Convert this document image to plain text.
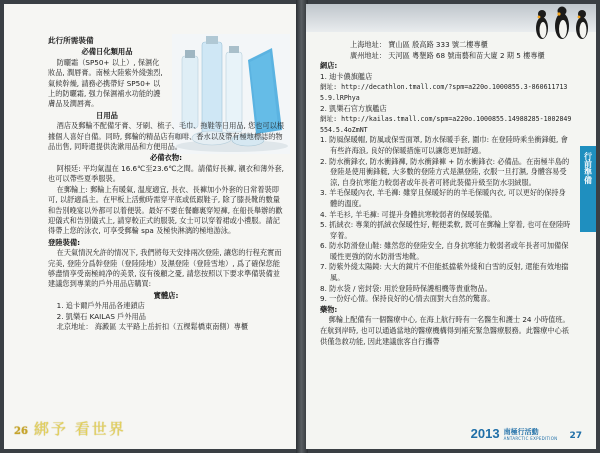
此行所需裝備
必備日化類用品
防曬霜（SP50+ 以上）, 保濕化妝品, 潤唇膏。南極大陸紫外綫強烈, 氣候幹燥, 請務必携帶好 SP50+ 以上的防曬霜, 强力保濕補水功能的護膚品及潤唇膏。
日用品
酒店及郵輪不配備牙膏、牙刷、梳子、毛巾、拖鞋等日用品, 您也可以根據個人喜好自備。同時, 郵輪的精品店有咖啡、香水以及帶有極地標誌的物品出售, 同時還提供洗漱用品和方便用品。
必備衣物:
阿根廷: 平均氣温在 16.6℃至23.6℃之間。請備好長褲, 襯衣和薄外套, 也可以帶些夏季服裝。
在郵輪上: 郵輪上有暖氣, 温度適宜, 長衣、長褲加小外套的日常着裝即可, 以舒適爲主。在甲板上活動時需穿平底或低跟鞋子, 除了膝長靴的數量和告別晚宴以外都可以着便裝。最好不要在餐廳裏穿短褲, 在船長舉辦的歡迎儀式和告別儀式上, 請穿較正式的服裝, 女士可以穿着裙或小禮服。請記得帶上您的泳衣, 可享受郵輪 spa 及極快淋漓的極地游泳。
登陸裝備:
在天氣情況允許的情况下, 我們將每天安排兩次登陸, 讓您的行程充實而完美, 登陸分爲幹登陸（登陸陸地）及濕登陸（登陸雪地）, 爲了確保您能够盡情享受南極純净的美景, 沒有後顧之憂, 請您按照以下要求準備裝備並建議您到專業的戶外用品店購買:
實體店:
1. 追卡爾戶外用品各連鎖店
2. 凱樂石 KAILAS 戶外用品
北京地址： 海澱區 太平路上岳折扣（五棵鬆橋東南側）專櫃
26 綁予 看世界
上海地址： 寶山區 殷高路 333 號二樓專櫃
廣州地址： 天河區 粵墾路 68 號南藝和苗大廈 2 期 5 樓專櫃
網店:
1. 迪卡儂旗艦店
網址: http://decathlon.tmall.com/?spm=a220o.1000855.3-8606117135.9.lRPhya
2. 凱樂石官方旗艦店
網址: http://kailas.tmall.com/spm=a220o.1000855.14988285-1002849554.5.4oZmNT
1. 防風保暖帽, 防風或保雪面罩, 防水保暖手套, 圍巾: 在登陸時乘坐衝鋒艇, 會有些許海浪, 良好的保暖措施可以讓您更加舒適。
2. 防水衝鋒衣, 防水衝鋒褲, 防水衝鋒褲 + 防水衝鋒衣: 必備品。在南極半島的登陸是使用衝鋒艇, 大多數的登陸方式是濕登陸, 衣服一旦打濕, 身體容易受涼, 自身抗寒能力較弱者或年長者可將此裝備升級至防水羽絨服。
3. 羊毛保暖內衣, 羊毛褲: 雖穿且保暖好的的羊毛保暖內衣, 可以更好的保持身體的溫度。
4. 羊毛衫, 羊毛褲: 可提升身體抗寒較弱者的保暖裝備。
5. 抓絨衣: 專業的抓絨衣保暖性好, 輕便柔軟, 既可在郵輪上穿着, 也可在登陸時穿着。
6. 防水防滑登山鞋: 雖然您的登陸安全, 自身抗寒能力較弱者或年長者可加備保暖性更強的防水防滑雪地靴。
7. 防紫外綫太陽鏡: 大大的鏡片不但能抵擋紫外綫和白雪的反射, 還能有效地擋風。
8. 防水袋 / 密封袋: 用於登陸時保護相機等貴重物品。
9. 一份好心情。保持良好的心情去面對大自然的驚喜。
藥物:
郵輪上配備有一個醫療中心, 在海上航行時有一名醫生和護士 24 小時值班。在航到岸時, 也可以通過當地的醫療機構得到補充緊急醫療服務。此醫療中心祇供僅急救功能, 因此建議旅客自行攜帶
行前準備
2013 南極行活動
ANTARCTIC EXPEDITION 27
